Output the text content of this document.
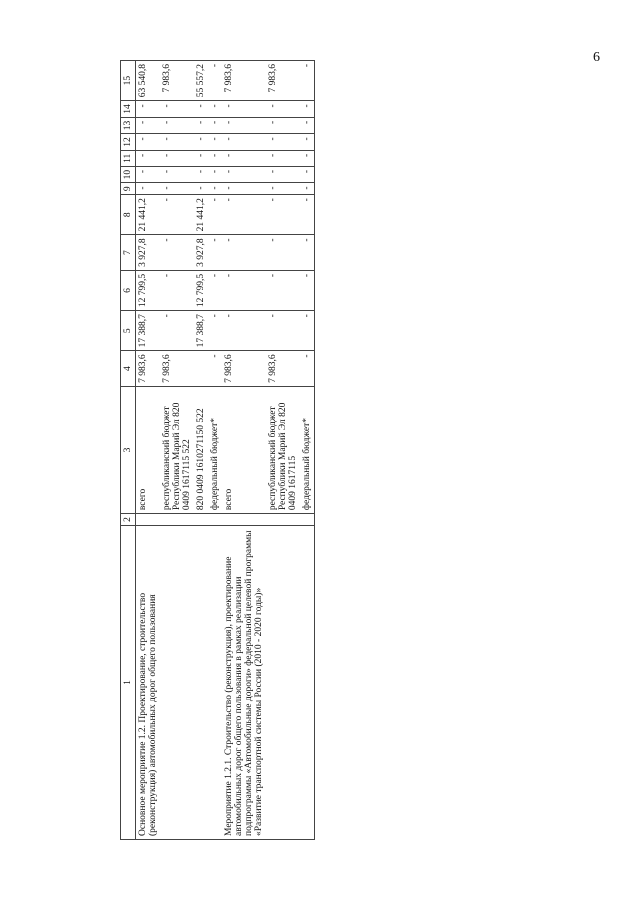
6
1	2	3	4	5	6	7	8	9	10	11	12	13	14	15
Основное мероприятие 1.2. Проектирование, строительство (реконструкция) автомобильных дорог общего пользования		всего	7 983,6	17 388,7	12 799,5	3 927,8	21 441,2	-	-	-	-	-	-	63 540,8
		республиканский бюджет Республики Марий Эл 820 0409 1617115 522	7 983,6	-	-	-	-	-	-	-	-	-	-	7 983,6
		820 0409 1610271150 522		17 388,7	12 799,5	3 927,8	21 441,2	-	-	-	-	-	-	55 557,2
		федеральный бюджет*	-	-	-	-	-	-	-	-	-	-	-	-
Мероприятие 1.2.1. Строительство (реконструкция), проектирование автомобильных дорог общего пользования в рамках реализации подпрограммы «Автомобильные дороги» федеральной целевой программы «Развитие транспортной системы России (2010 - 2020 годы)»		всего	7 983,6	-	-	-	-	-	-	-	-	-	-	7 983,6
		республиканский бюджет Республики Марий Эл 820 0409 1617115	7 983,6	-	-	-	-	-	-	-	-	-	-	7 983,6
		федеральный бюджет*	-	-	-	-	-	-	-	-	-	-	-	-
